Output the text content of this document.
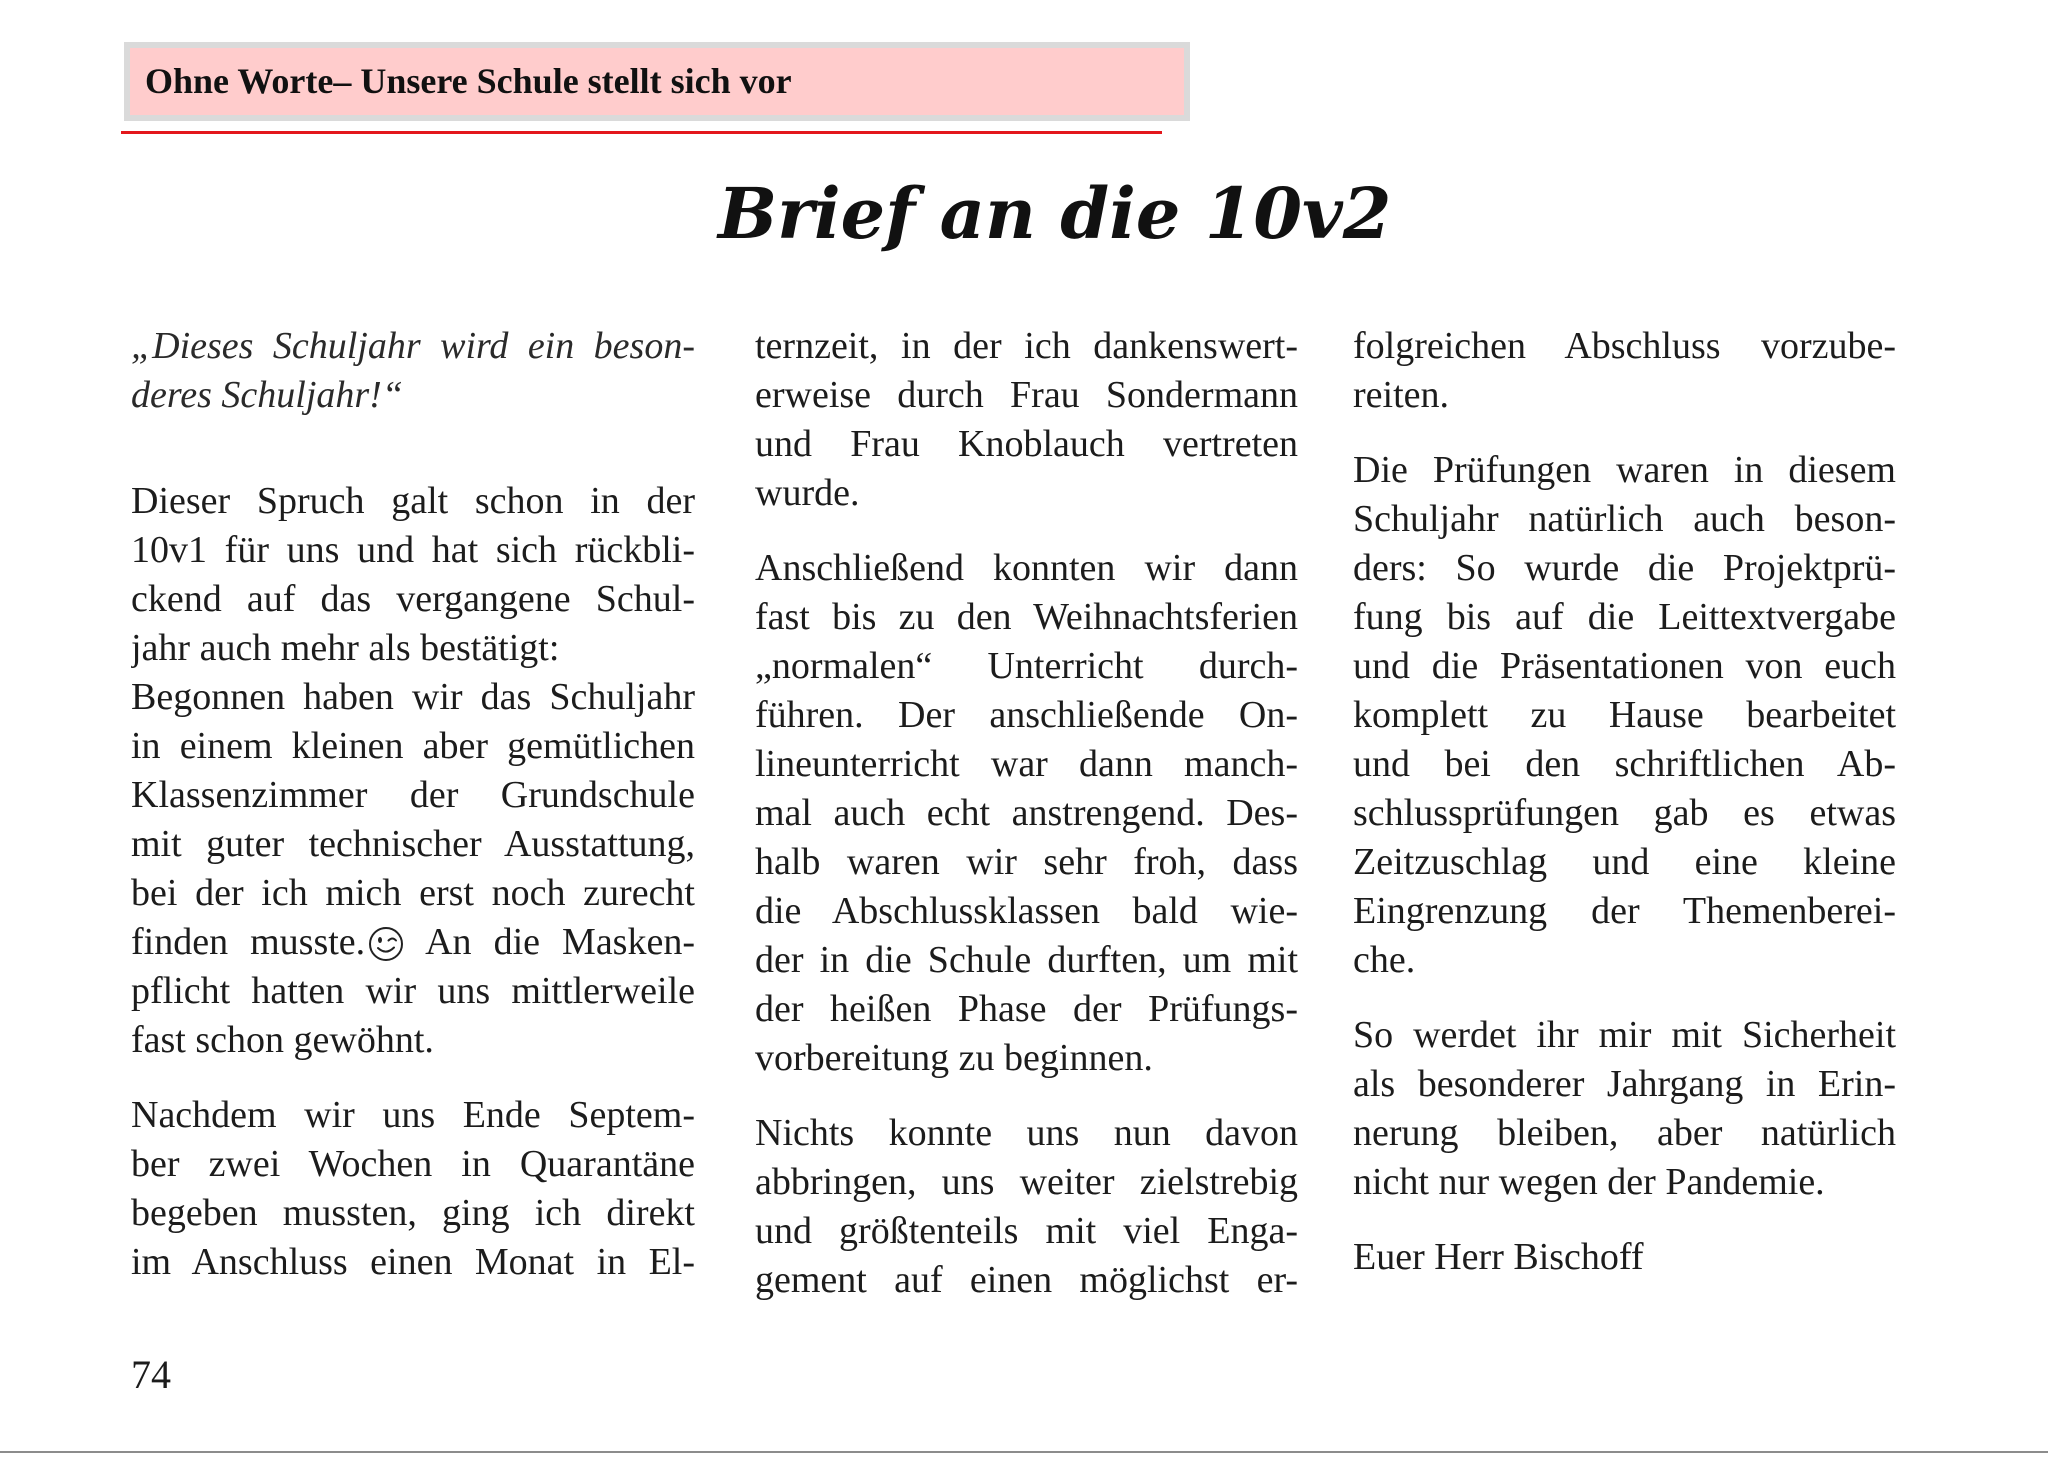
Ohne Worte– Unsere Schule stellt sich vor
Brief an die 10v2
„Dieses Schuljahr wird ein beson-
deres Schuljahr!“
Dieser Spruch galt schon in der
10v1 für uns und hat sich rückbli-
ckend auf das vergangene Schul-
jahr auch mehr als bestätigt:
Begonnen haben wir das Schuljahr
in einem kleinen aber gemütlichen
Klassenzimmer der Grundschule
mit guter technischer Ausstattung,
bei der ich mich erst noch zurecht
finden musste. An die Masken-
pflicht hatten wir uns mittlerweile
fast schon gewöhnt.
Nachdem wir uns Ende Septem-
ber zwei Wochen in Quarantäne
begeben mussten, ging ich direkt
im Anschluss einen Monat in El-
ternzeit, in der ich dankenswert-
erweise durch Frau Sondermann
und Frau Knoblauch vertreten
wurde.
Anschließend konnten wir dann
fast bis zu den Weihnachtsferien
„normalen“ Unterricht durch-
führen. Der anschließende On-
lineunterricht war dann manch-
mal auch echt anstrengend. Des-
halb waren wir sehr froh, dass
die Abschlussklassen bald wie-
der in die Schule durften, um mit
der heißen Phase der Prüfungs-
vorbereitung zu beginnen.
Nichts konnte uns nun davon
abbringen, uns weiter zielstrebig
und größtenteils mit viel Enga-
gement auf einen möglichst er-
folgreichen Abschluss vorzube-
reiten.
Die Prüfungen waren in diesem
Schuljahr natürlich auch beson-
ders: So wurde die Projektprü-
fung bis auf die Leittextvergabe
und die Präsentationen von euch
komplett zu Hause bearbeitet
und bei den schriftlichen Ab-
schlussprüfungen gab es etwas
Zeitzuschlag und eine kleine
Eingrenzung der Themenberei-
che.
So werdet ihr mir mit Sicherheit
als besonderer Jahrgang in Erin-
nerung bleiben, aber natürlich
nicht nur wegen der Pandemie.
Euer Herr Bischoff
74
